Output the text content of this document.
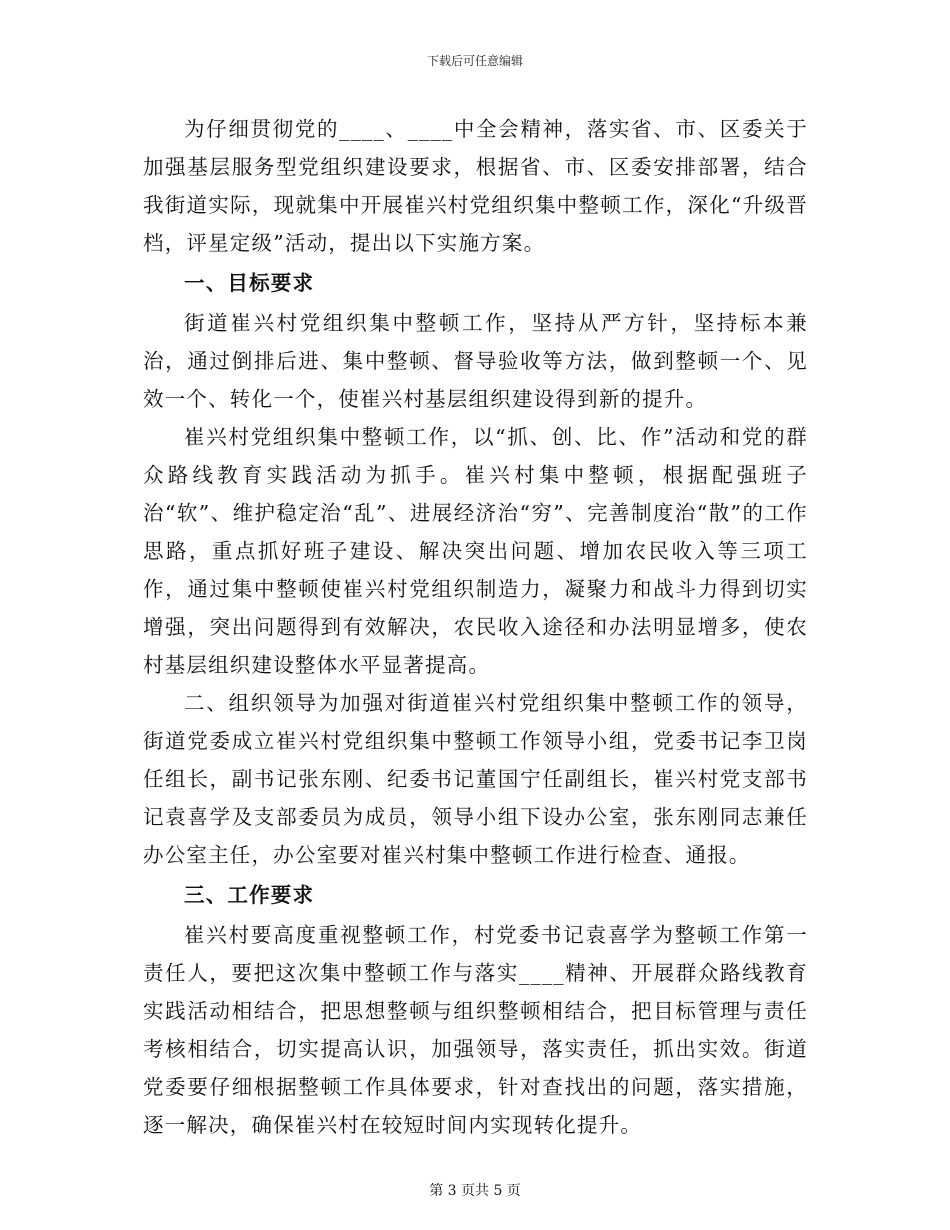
下载后可任意编辑

为仔细贯彻党的____、____中全会精神，落实省、市、区委关于加强基层服务型党组织建设要求，根据省、市、区委安排部署，结合我街道实际，现就集中开展崔兴村党组织集中整顿工作，深化“升级晋档，评星定级”活动，提出以下实施方案。

一、目标要求

街道崔兴村党组织集中整顿工作，坚持从严方针，坚持标本兼治，通过倒排后进、集中整顿、督导验收等方法，做到整顿一个、见效一个、转化一个，使崔兴村基层组织建设得到新的提升。

崔兴村党组织集中整顿工作，以“抓、创、比、作”活动和党的群众路线教育实践活动为抓手。崔兴村集中整顿，根据配强班子治“软”、维护稳定治“乱”、进展经济治“穷”、完善制度治“散”的工作思路，重点抓好班子建设、解决突出问题、增加农民收入等三项工作，通过集中整顿使崔兴村党组织制造力，凝聚力和战斗力得到切实增强，突出问题得到有效解决，农民收入途径和办法明显增多，使农村基层组织建设整体水平显著提高。

二、组织领导为加强对街道崔兴村党组织集中整顿工作的领导，街道党委成立崔兴村党组织集中整顿工作领导小组，党委书记李卫岗任组长，副书记张东刚、纪委书记董国宁任副组长，崔兴村党支部书记袁喜学及支部委员为成员，领导小组下设办公室，张东刚同志兼任办公室主任，办公室要对崔兴村集中整顿工作进行检查、通报。

三、工作要求

崔兴村要高度重视整顿工作，村党委书记袁喜学为整顿工作第一责任人，要把这次集中整顿工作与落实____精神、开展群众路线教育实践活动相结合，把思想整顿与组织整顿相结合，把目标管理与责任考核相结合，切实提高认识，加强领导，落实责任，抓出实效。街道党委要仔细根据整顿工作具体要求，针对查找出的问题，落实措施，逐一解决，确保崔兴村在较短时间内实现转化提升。

第 3 页共 5 页
